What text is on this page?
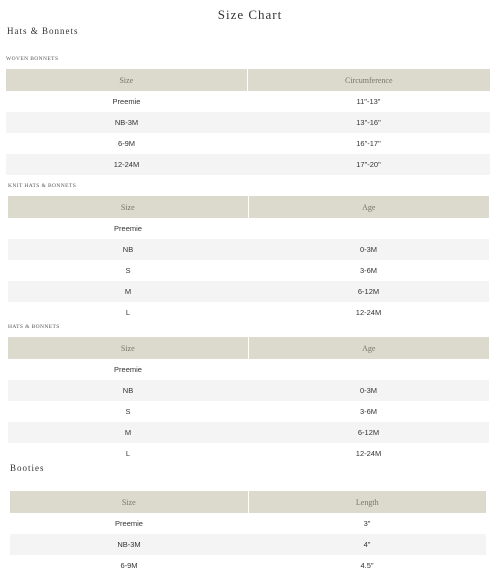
Size Chart
Hats & Bonnets
WOVEN BONNETS
Size	Circumference
Preemie	11"-13"
NB-3M	13"-16"
6-9M	16"-17"
12-24M	17"-20"
KNIT HATS & BONNETS
Size	Age
Preemie	
NB	0-3M
S	3-6M
M	6-12M
L	12-24M
HATS & BONNETS
Size	Age
Preemie	
NB	0-3M
S	3-6M
M	6-12M
L	12-24M
Booties
Size	Length
Preemie	3"
NB-3M	4"
6-9M	4.5"
